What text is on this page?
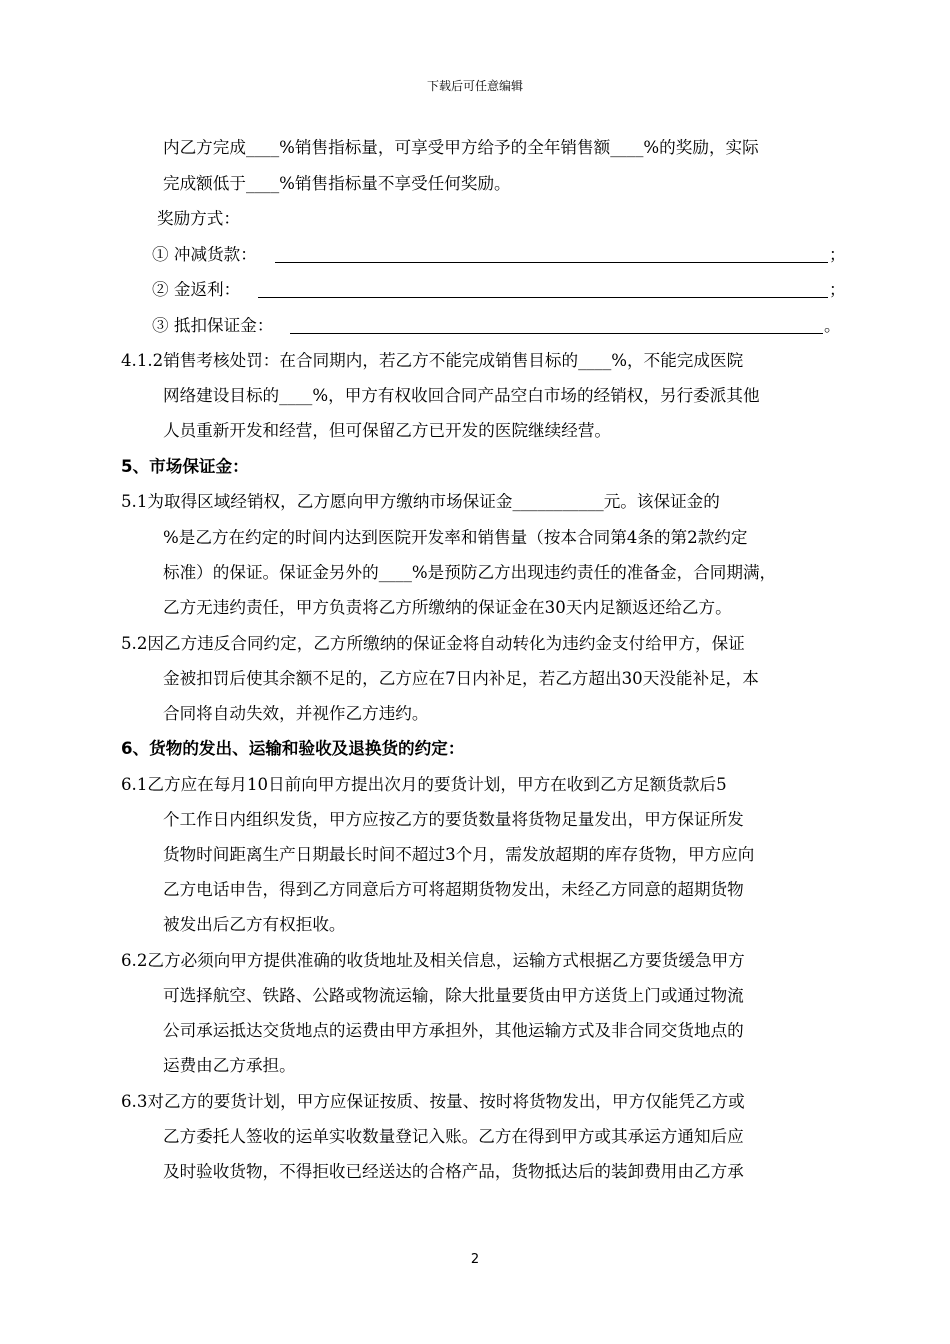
下载后可任意编辑
内乙方完成____%销售指标量，可享受甲方给予的全年销售额____%的奖励，实际
完成额低于____%销售指标量不享受任何奖励。
奖励方式：
① 冲减货款：	；
② 金返利：	；
③ 抵扣保证金：	。
4.1.2销售考核处罚：在合同期内，若乙方不能完成销售目标的____%，不能完成医院
网络建设目标的____%，甲方有权收回合同产品空白市场的经销权，另行委派其他
人员重新开发和经营，但可保留乙方已开发的医院继续经营。
5、市场保证金：
5.1为取得区域经销权，乙方愿向甲方缴纳市场保证金___________元。该保证金的
%是乙方在约定的时间内达到医院开发率和销售量（按本合同第4条的第2款约定
标准）的保证。保证金另外的____%是预防乙方出现违约责任的准备金，合同期满，
乙方无违约责任，甲方负责将乙方所缴纳的保证金在30天内足额返还给乙方。
5.2因乙方违反合同约定，乙方所缴纳的保证金将自动转化为违约金支付给甲方，保证
金被扣罚后使其余额不足的，乙方应在7日内补足，若乙方超出30天没能补足，本
合同将自动失效，并视作乙方违约。
6、货物的发出、运输和验收及退换货的约定：
6.1乙方应在每月10日前向甲方提出次月的要货计划，甲方在收到乙方足额货款后5
个工作日内组织发货，甲方应按乙方的要货数量将货物足量发出，甲方保证所发
货物时间距离生产日期最长时间不超过3个月，需发放超期的库存货物，甲方应向
乙方电话申告，得到乙方同意后方可将超期货物发出，未经乙方同意的超期货物
被发出后乙方有权拒收。
6.2乙方必须向甲方提供准确的收货地址及相关信息，运输方式根据乙方要货缓急甲方
可选择航空、铁路、公路或物流运输，除大批量要货由甲方送货上门或通过物流
公司承运抵达交货地点的运费由甲方承担外，其他运输方式及非合同交货地点的
运费由乙方承担。
6.3对乙方的要货计划，甲方应保证按质、按量、按时将货物发出，甲方仅能凭乙方或
乙方委托人签收的运单实收数量登记入账。乙方在得到甲方或其承运方通知后应
及时验收货物，不得拒收已经送达的合格产品，货物抵达后的装卸费用由乙方承
2
